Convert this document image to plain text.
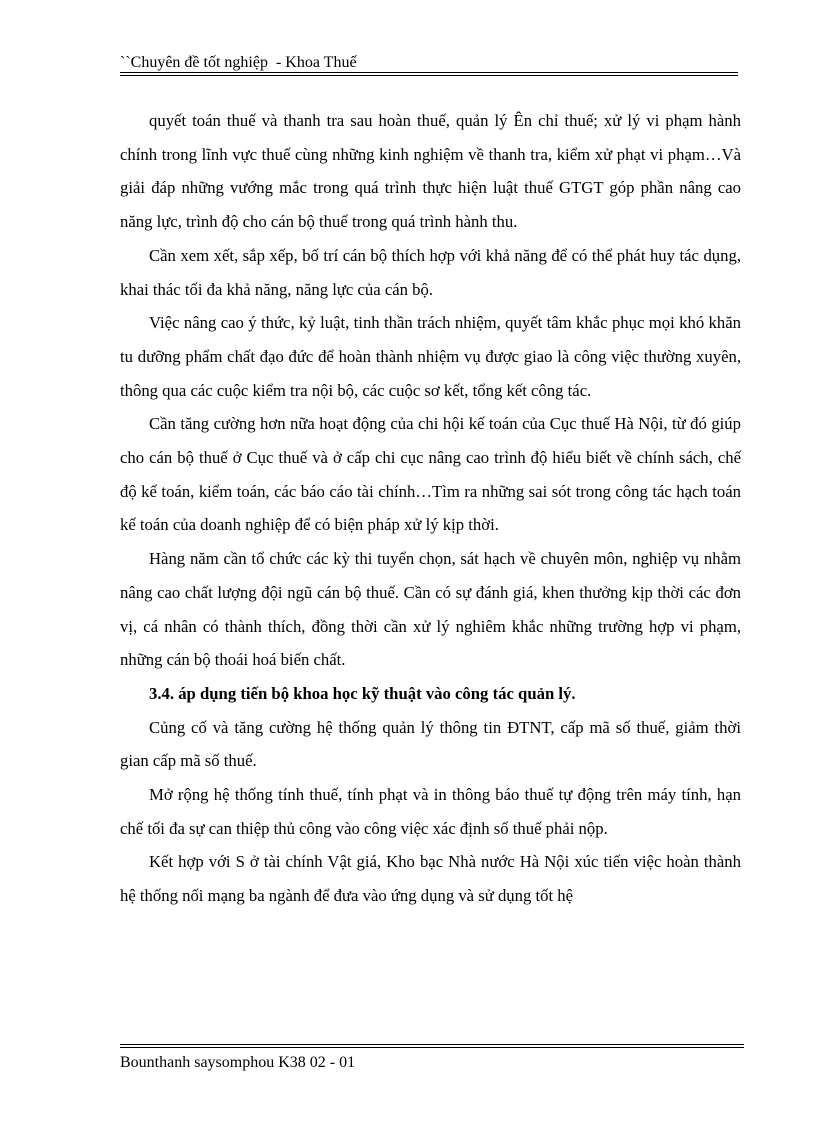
``Chuyên đề tốt nghiệp  - Khoa Thuế

quyết toán thuế và thanh tra sau hoàn thuế, quản lý Ên chỉ thuế; xử lý vi phạm hành chính trong lĩnh vực thuế cùng những kinh nghiệm về thanh tra, kiểm xử phạt vi phạm…Và giải đáp những vướng mắc trong quá trình thực hiện luật thuế GTGT góp phần nâng cao năng lực, trình độ cho cán bộ thuế trong quá trình hành thu.

Cần xem xết, sắp xếp, bố trí cán bộ thích hợp với khả năng để có thể phát huy tác dụng, khai thác tối đa khả năng, năng lực của cán bộ.

Việc nâng cao ý thức, kỷ luật, tinh thần trách nhiệm, quyết tâm khắc phục mọi khó khăn tu dưỡng phẩm chất đạo đức để hoàn thành nhiệm vụ được giao là công việc thường xuyên, thông qua các cuộc kiểm tra nội bộ, các cuộc sơ kết, tổng kết công tác.

Cần tăng cường hơn nữa hoạt động của chi hội kế toán của Cục thuế Hà Nội, từ đó giúp cho cán bộ thuế ở Cục thuế và ở cấp chi cục nâng cao trình độ hiểu biết về chính sách, chế độ kế toán, kiểm toán, các báo cáo tài chính…Tìm ra những sai sót trong công tác hạch toán kế toán của doanh nghiệp để có biện pháp xử lý kịp thời.

Hàng năm cần tổ chức các kỳ thi tuyển chọn, sát hạch về chuyên môn, nghiệp vụ nhằm nâng cao chất lượng đội ngũ cán bộ thuế. Cần có sự đánh giá, khen thưởng kịp thời các đơn vị, cá nhân có thành thích, đồng thời cần xử lý nghiêm khắc những trường hợp vi phạm, những cán bộ thoái hoá biến chất.

3.4. áp dụng tiến bộ khoa học kỹ thuật vào công tác quản lý.

Củng cố và tăng cường hệ thống quản lý thông tin ĐTNT, cấp mã số thuế, giảm thời gian cấp mã số thuế.

Mở rộng hệ thống tính thuế, tính phạt và in thông báo thuế tự động trên máy tính, hạn chế tối đa sự can thiệp thủ công vào công việc xác định số thuế phải nộp.

Kết hợp với S ở tài chính Vật giá, Kho bạc Nhà nước Hà Nội xúc tiến việc hoàn thành hệ thống nối mạng ba ngành để đưa vào ứng dụng và sử dụng tốt hệ

Bounthanh saysomphou K38 02 - 01
